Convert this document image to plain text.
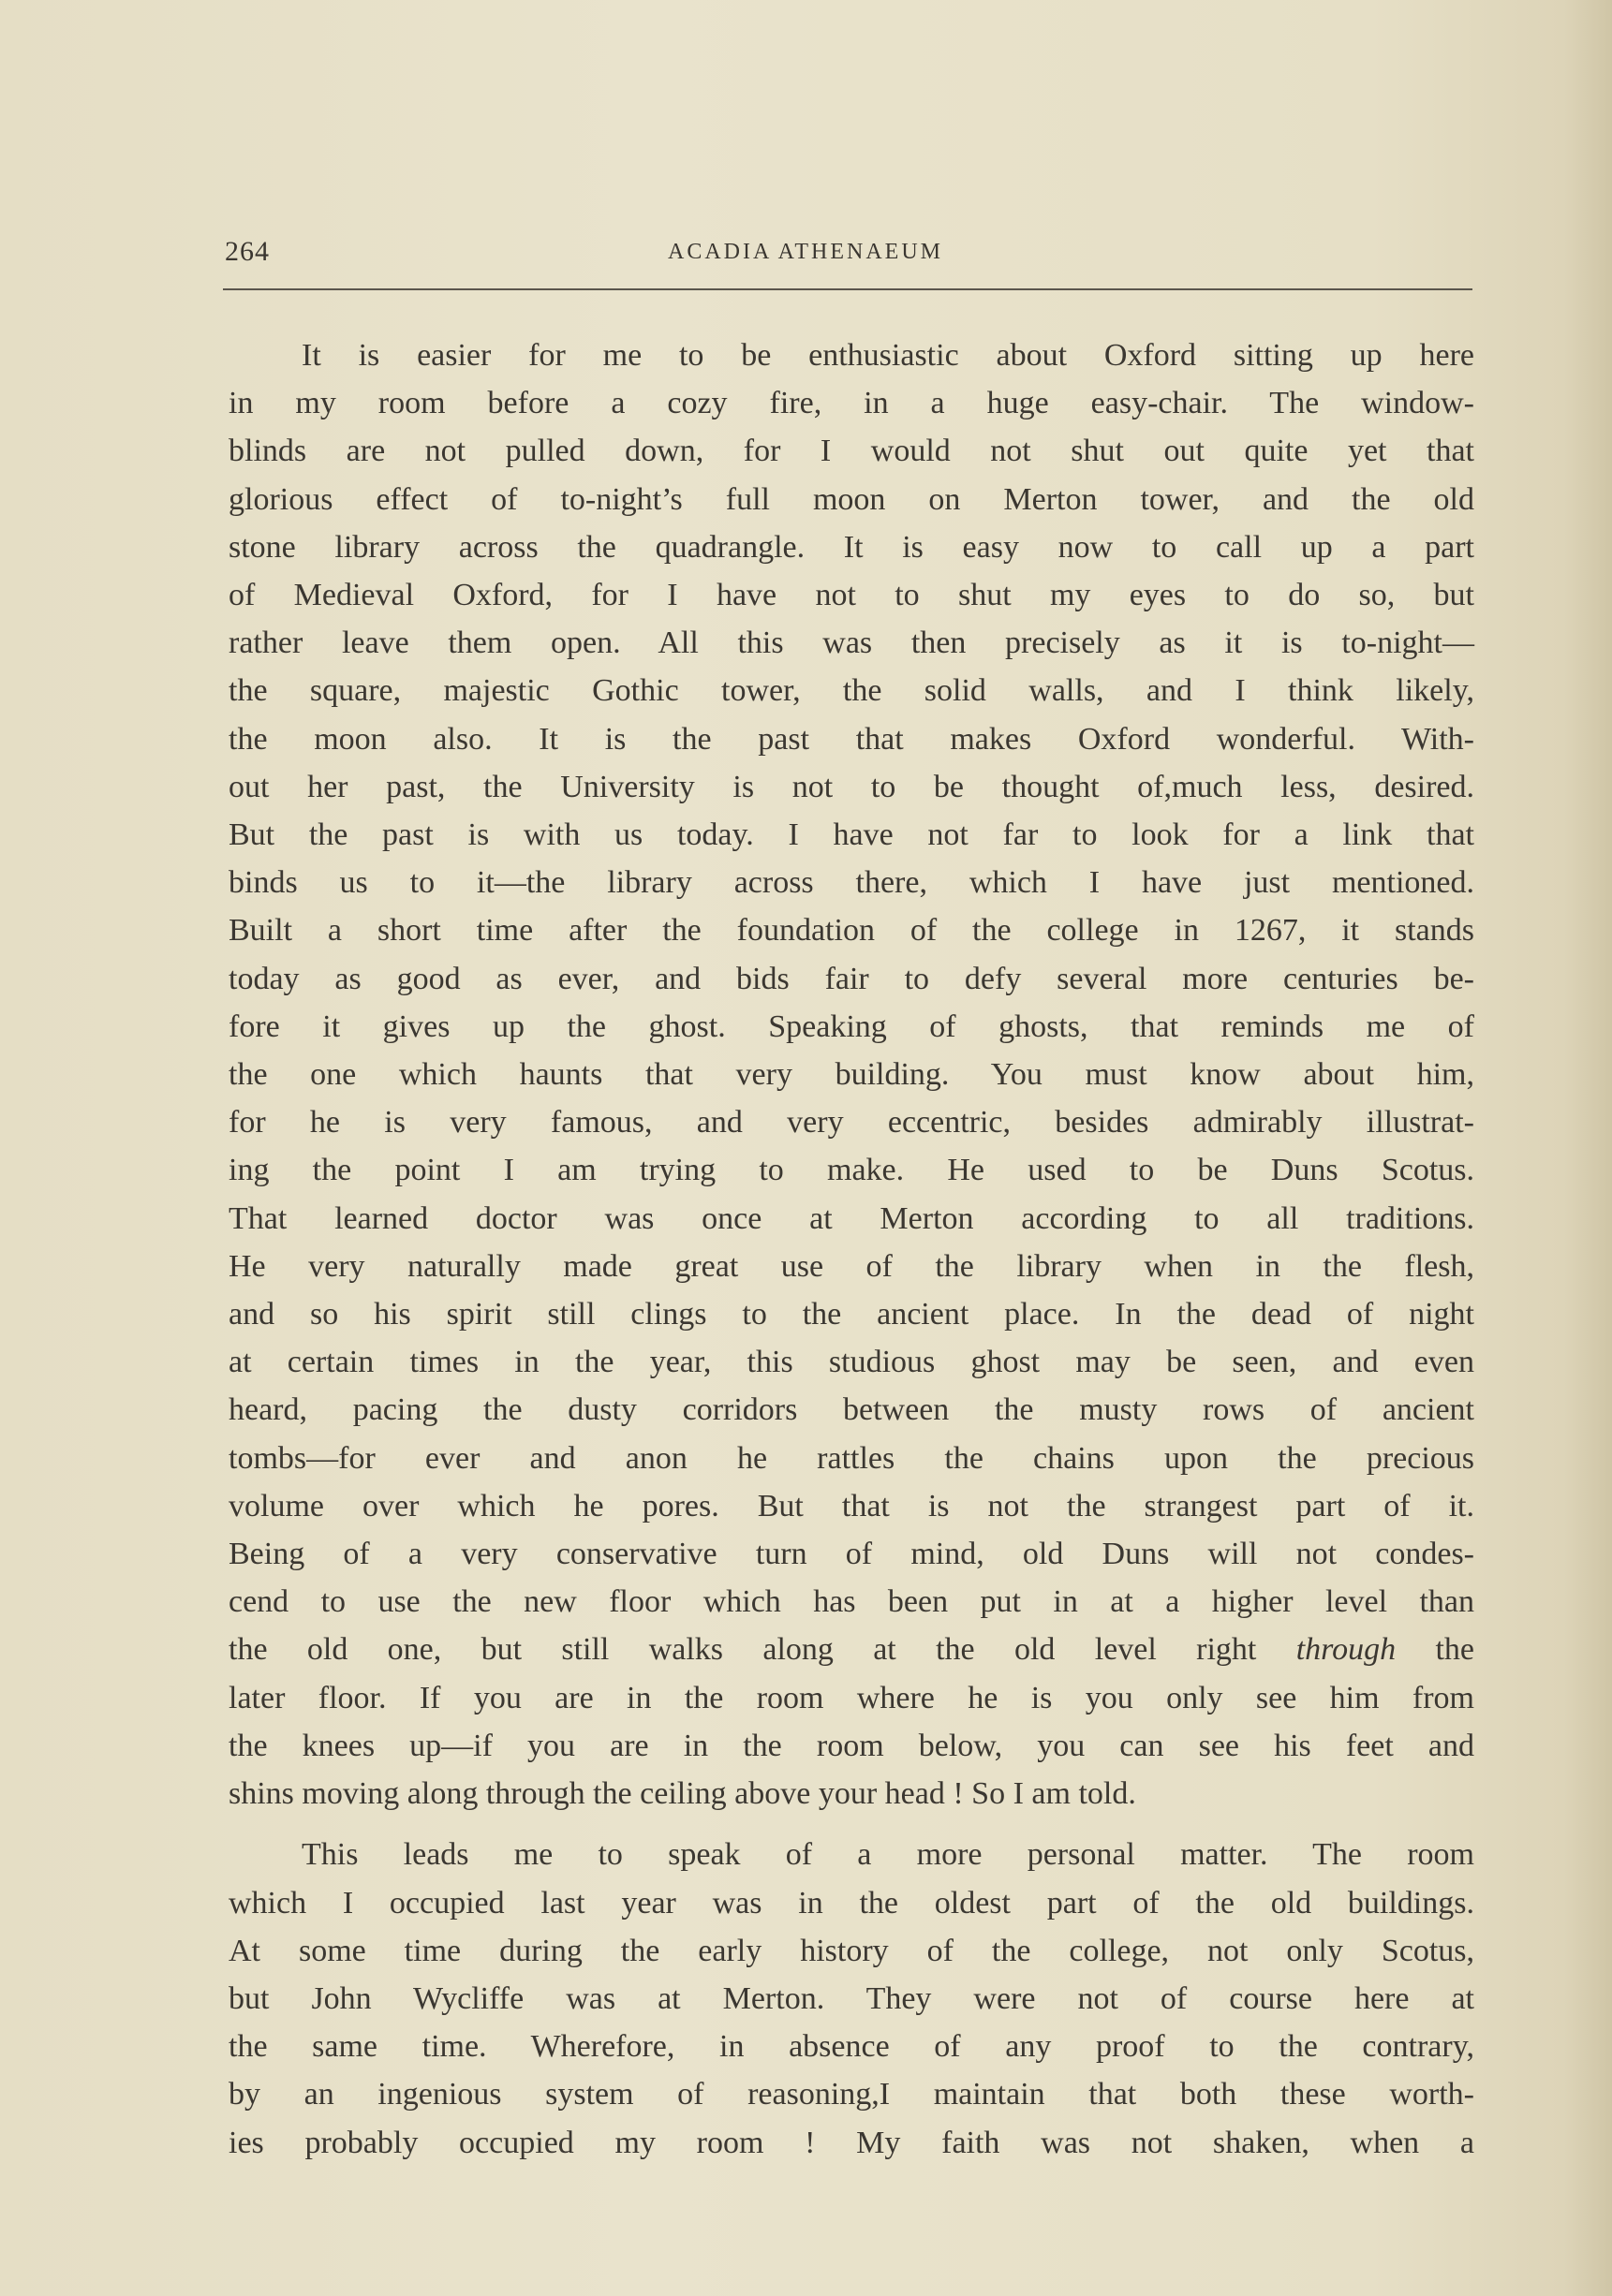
264	ACADIA ATHENAEUM
It is easier for me to be enthusiastic about Oxford sitting up here
in my room before a cozy fire, in a huge easy-chair. The window-
blinds are not pulled down, for I would not shut out quite yet that
glorious effect of to-night’s full moon on Merton tower, and the old
stone library across the quadrangle. It is easy now to call up a part
of Medieval Oxford, for I have not to shut my eyes to do so, but
rather leave them open. All this was then precisely as it is to-night—
the square, majestic Gothic tower, the solid walls, and I think likely,
the moon also. It is the past that makes Oxford wonderful. With-
out her past, the University is not to be thought of,much less, desired.
But the past is with us today. I have not far to look for a link that
binds us to it—the library across there, which I have just mentioned.
Built a short time after the foundation of the college in 1267, it stands
today as good as ever, and bids fair to defy several more centuries be-
fore it gives up the ghost. Speaking of ghosts, that reminds me of
the one which haunts that very building. You must know about him,
for he is very famous, and very eccentric, besides admirably illustrat-
ing the point I am trying to make. He used to be Duns Scotus.
That learned doctor was once at Merton according to all traditions.
He very naturally made great use of the library when in the flesh,
and so his spirit still clings to the ancient place. In the dead of night
at certain times in the year, this studious ghost may be seen, and even
heard, pacing the dusty corridors between the musty rows of ancient
tombs—for ever and anon he rattles the chains upon the precious
volume over which he pores. But that is not the strangest part of it.
Being of a very conservative turn of mind, old Duns will not condes-
cend to use the new floor which has been put in at a higher level than
the old one, but still walks along at the old level right through the
later floor. If you are in the room where he is you only see him from
the knees up—if you are in the room below, you can see his feet and
shins moving along through the ceiling above your head ! So I am told.
This leads me to speak of a more personal matter. The room
which I occupied last year was in the oldest part of the old buildings.
At some time during the early history of the college, not only Scotus,
but John Wycliffe was at Merton. They were not of course here at
the same time. Wherefore, in absence of any proof to the contrary,
by an ingenious system of reasoning,I maintain that both these worth-
ies probably occupied my room ! My faith was not shaken, when a
